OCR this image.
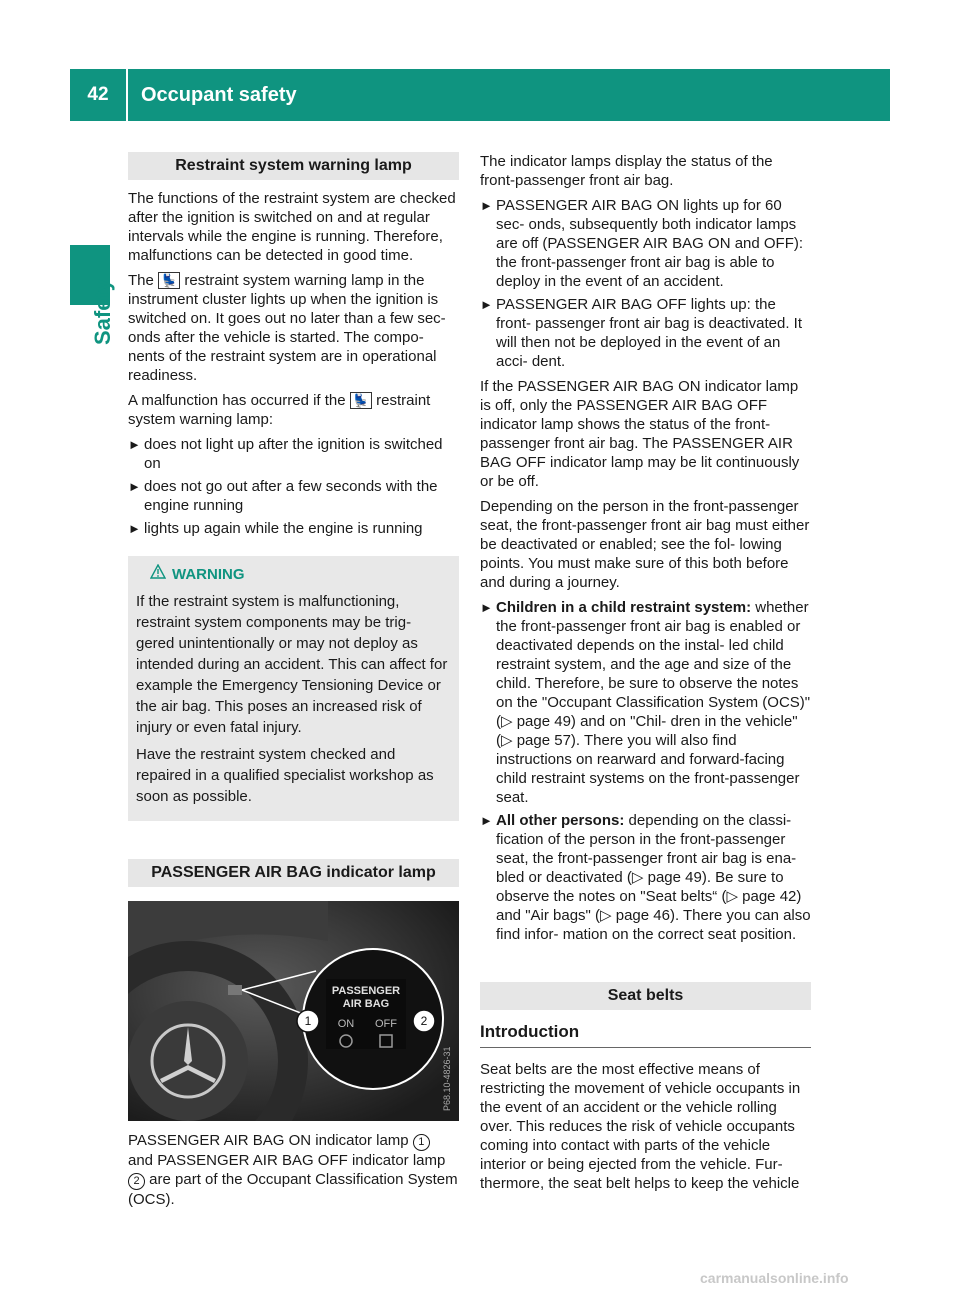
42	Occupant safety
Safety
Restraint system warning lamp

The functions of the restraint system are checked after the ignition is switched on and at regular intervals while the engine is running. Therefore, malfunctions can be detected in good time.

The 💺 restraint system warning lamp in the instrument cluster lights up when the ignition is switched on. It goes out no later than a few sec- onds after the vehicle is started. The compo- nents of the restraint system are in operational readiness.

A malfunction has occurred if the 💺 restraint system warning lamp:

► does not light up after the ignition is switched on
► does not go out after a few seconds with the engine running
► lights up again while the engine is running
WARNING

If the restraint system is malfunctioning, restraint system components may be trig- gered unintentionally or may not deploy as intended during an accident. This can affect for example the Emergency Tensioning Device or the air bag. This poses an increased risk of injury or even fatal injury.

Have the restraint system checked and repaired in a qualified specialist workshop as soon as possible.

PASSENGER AIR BAG indicator lamp
PASSENGER
AIR BAG
ON OFF
1	2
P68.10-4826-31

PASSENGER AIR BAG ON indicator lamp 1 and PASSENGER AIR BAG OFF indicator lamp 2 are part of the Occupant Classification System (OCS).

The indicator lamps display the status of the front-passenger front air bag.

► PASSENGER AIR BAG ON lights up for 60 sec- onds, subsequently both indicator lamps are off (PASSENGER AIR BAG ON and OFF): the front-passenger front air bag is able to deploy in the event of an accident.
► PASSENGER AIR BAG OFF lights up: the front- passenger front air bag is deactivated. It will then not be deployed in the event of an acci- dent.

If the PASSENGER AIR BAG ON indicator lamp is off, only the PASSENGER AIR BAG OFF indicator lamp shows the status of the front-passenger front air bag. The PASSENGER AIR BAG OFF indicator lamp may be lit continuously or be off.

Depending on the person in the front-passenger seat, the front-passenger front air bag must either be deactivated or enabled; see the fol- lowing points. You must make sure of this both before and during a journey.

► Children in a child restraint system: whether the front-passenger front air bag is enabled or deactivated depends on the instal- led child restraint system, and the age and size of the child. Therefore, be sure to observe the notes on the "Occupant Classification System (OCS)" (▷ page 49) and on "Chil- dren in the vehicle" (▷ page 57). There you will also find instructions on rearward and forward-facing child restraint systems on the front-passenger seat.
► All other persons: depending on the classi- fication of the person in the front-passenger seat, the front-passenger front air bag is ena- bled or deactivated (▷ page 49). Be sure to observe the notes on "Seat belts“ (▷ page 42) and "Air bags" (▷ page 46). There you can also find infor- mation on the correct seat position.
Seat belts
Introduction

Seat belts are the most effective means of restricting the movement of vehicle occupants in the event of an accident or the vehicle rolling over. This reduces the risk of vehicle occupants coming into contact with parts of the vehicle interior or being ejected from the vehicle. Fur- thermore, the seat belt helps to keep the vehicle

carmanualsonline.info
